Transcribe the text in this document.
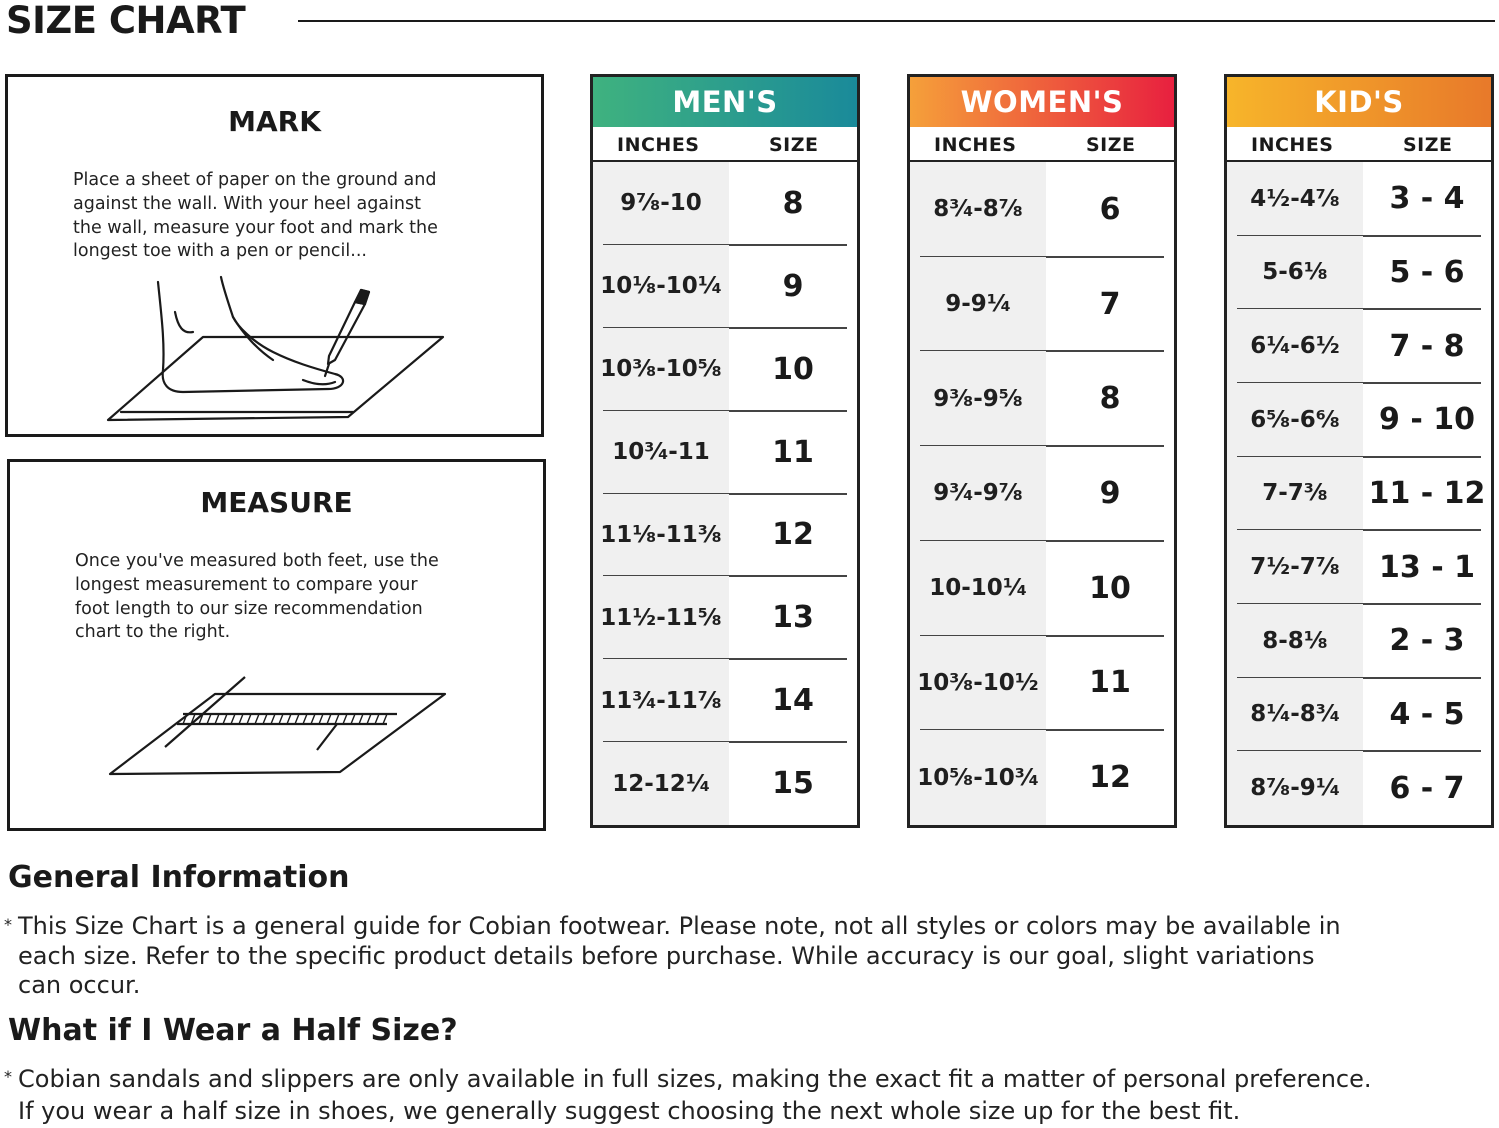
SIZE CHART
MARK
Place a sheet of paper on the ground and
against the wall. With your heel against
the wall, measure your foot and mark the
longest toe with a pen or pencil...
MEASURE
Once you've measured both feet, use the
longest measurement to compare your
foot length to our size recommendation
chart to the right.
MEN'S
INCHES	SIZE
9⁷⁄₈-10	8
10¹⁄₈-10¹⁄₄	9
10³⁄₈-10⁵⁄₈	10
10³⁄₄-11	11
11¹⁄₈-11³⁄₈	12
11¹⁄₂-11⁵⁄₈	13
11³⁄₄-11⁷⁄₈	14
12-12¹⁄₄	15
WOMEN'S
INCHES	SIZE
8³⁄₄-8⁷⁄₈	6
9-9¹⁄₄	7
9³⁄₈-9⁵⁄₈	8
9³⁄₄-9⁷⁄₈	9
10-10¹⁄₄	10
10³⁄₈-10¹⁄₂	11
10⁵⁄₈-10³⁄₄	12
KID'S
INCHES	SIZE
4¹⁄₂-4⁷⁄₈	3 - 4
5-6¹⁄₈	5 - 6
6¹⁄₄-6¹⁄₂	7 - 8
6⁵⁄₈-6⁶⁄₈	9 - 10
7-7³⁄₈	11 - 12
7¹⁄₂-7⁷⁄₈	13 - 1
8-8¹⁄₈	2 - 3
8¹⁄₄-8³⁄₄	4 - 5
8⁷⁄₈-9¹⁄₄	6 - 7
General Information
* This Size Chart is a general guide for Cobian footwear. Please note, not all styles or colors may be available in
each size. Refer to the specific product details before purchase. While accuracy is our goal, slight variations
can occur.
What if I Wear a Half Size?
* Cobian sandals and slippers are only available in full sizes, making the exact fit a matter of personal preference.
If you wear a half size in shoes, we generally suggest choosing the next whole size up for the best fit.
